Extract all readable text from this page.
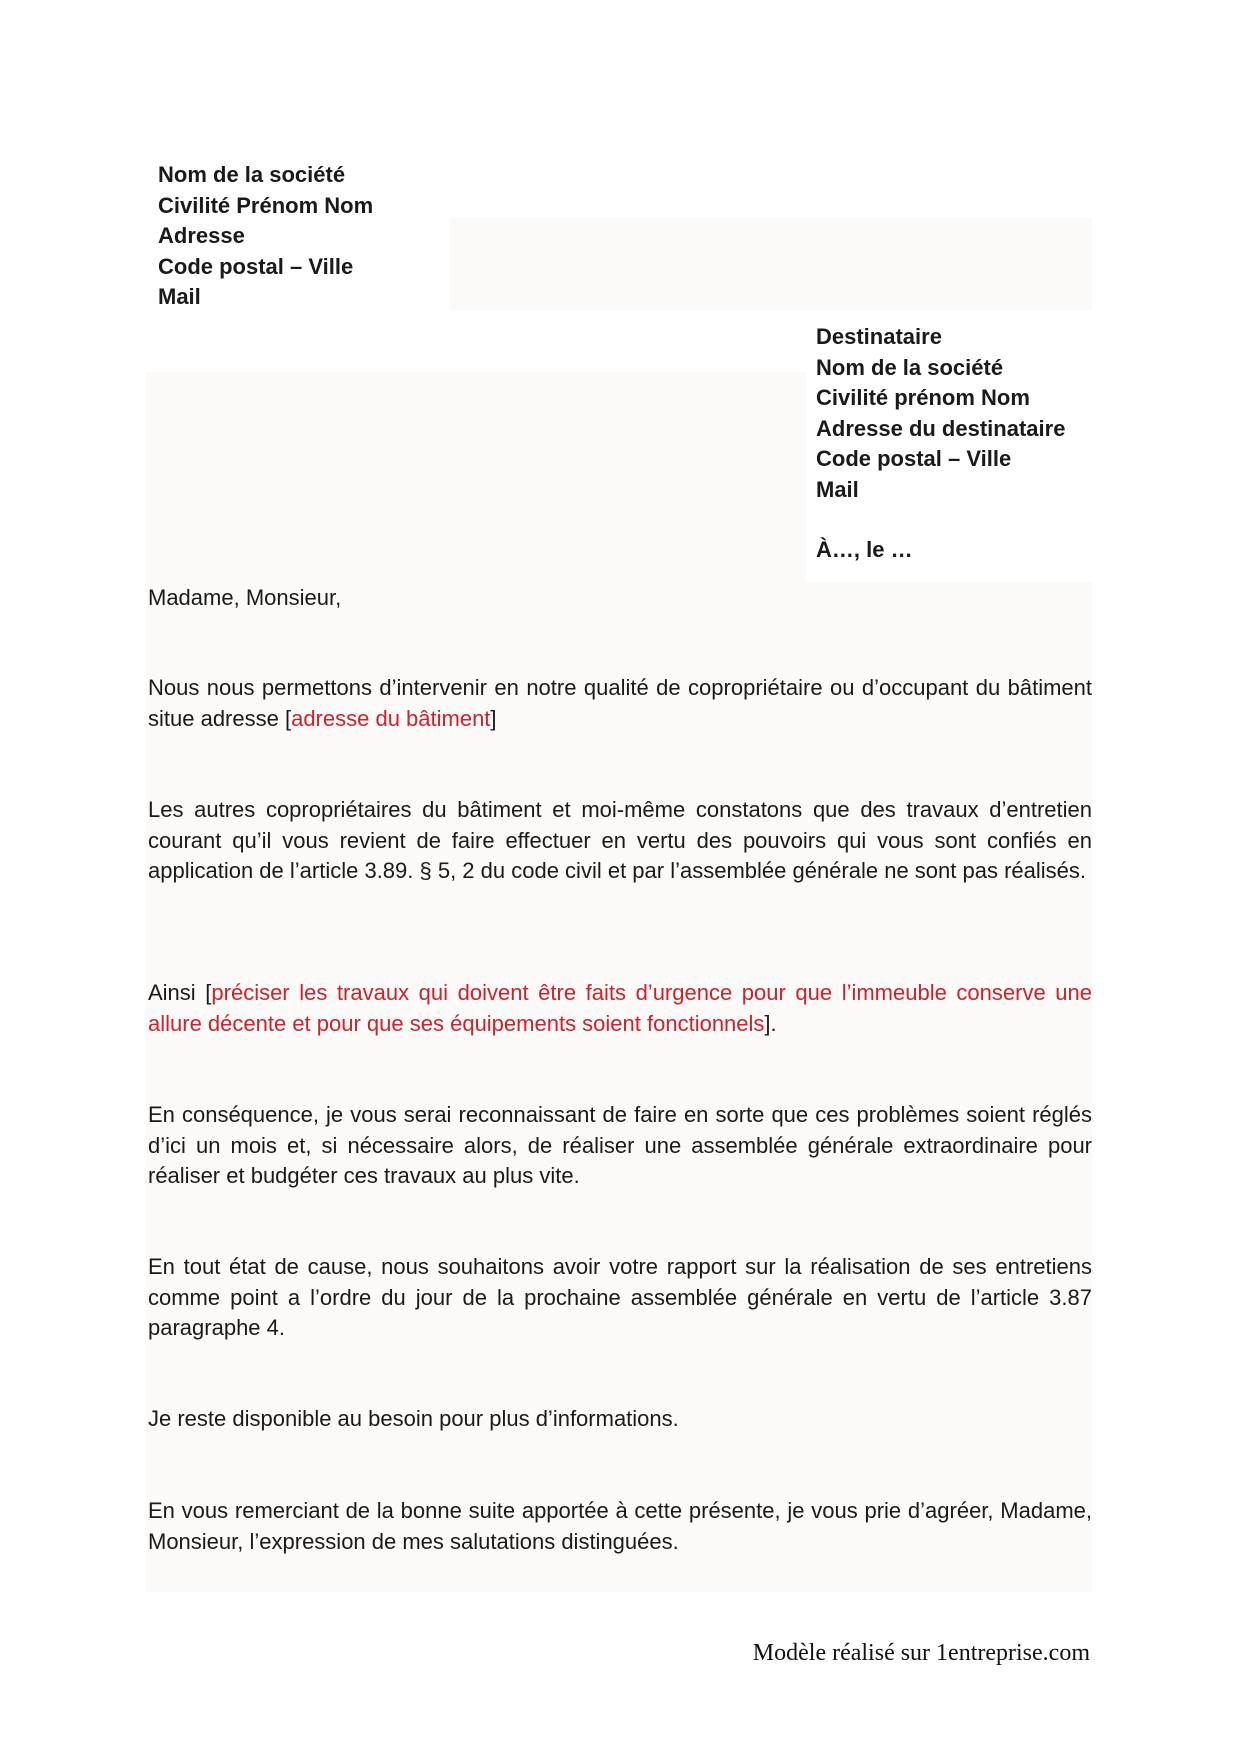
Nom de la société
Civilité Prénom Nom
Adresse
Code postal – Ville
Mail
Destinataire
Nom de la société
Civilité prénom Nom
Adresse du destinataire
Code postal – Ville
Mail
À…, le …
Madame, Monsieur,
Nous nous permettons d’intervenir en notre qualité de copropriétaire ou d’occupant du bâtiment situe adresse [adresse du bâtiment]
Les autres copropriétaires du bâtiment et moi-même constatons que des travaux d’entretien courant qu’il vous revient de faire effectuer en vertu des pouvoirs qui vous sont confiés en application de l’article 3.89. § 5, 2 du code civil et par l’assemblée générale ne sont pas réalisés.
Ainsi [préciser les travaux qui doivent être faits d’urgence pour que l’immeuble conserve une allure décente et pour que ses équipements soient fonctionnels].
En conséquence, je vous serai reconnaissant de faire en sorte que ces problèmes soient réglés d’ici un mois et, si nécessaire alors, de réaliser une assemblée générale extraordinaire pour réaliser et budgéter ces travaux au plus vite.
En tout état de cause, nous souhaitons avoir votre rapport sur la réalisation de ses entretiens comme point a l’ordre du jour de la prochaine assemblée générale en vertu de l’article 3.87 paragraphe 4.
Je reste disponible au besoin pour plus d’informations.
En vous remerciant de la bonne suite apportée à cette présente, je vous prie d’agréer, Madame, Monsieur, l’expression de mes salutations distinguées.
Modèle réalisé sur 1entreprise.com
